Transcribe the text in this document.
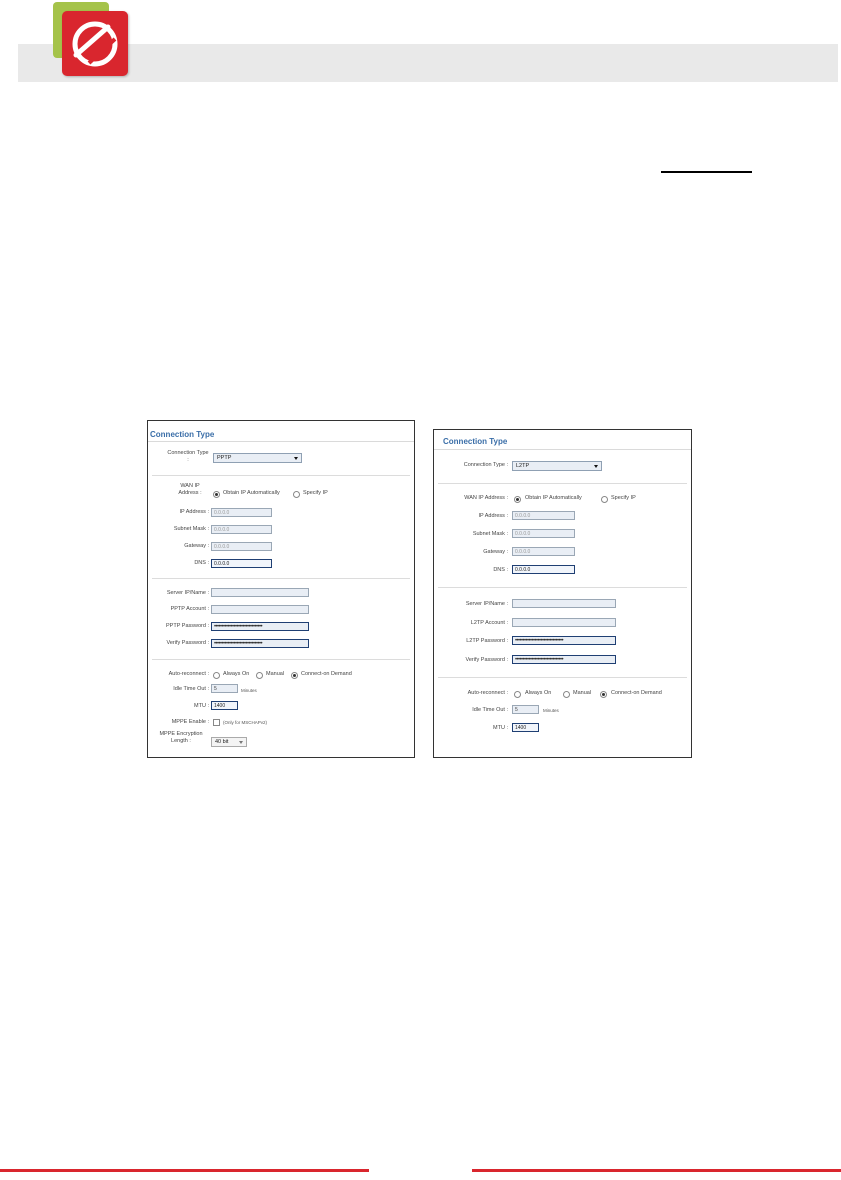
Connection Type
Connection Type :	PPTP
WAN IP Address :	Obtain IP Automatically	Specify IP
IP Address :	0.0.0.0
Subnet Mask :	0.0.0.0
Gateway :	0.0.0.0
DNS :	0.0.0.0
Server IP/Name :
PPTP Account :
PPTP Password : ••••••••••••••••••••••••••••••••
Verify Password : ••••••••••••••••••••••••••••••••
Auto-reconnect :	Always On	Manual	Connect-on Demand
Idle Time Out :	5	Minutes
MTU :	1400
MPPE Enable :	(Only for MSCHAPv2)
MPPE Encryption Length :	40 bit
Connection Type
Connection Type :	L2TP
WAN IP Address :	Obtain IP Automatically	Specify IP
IP Address :	0.0.0.0
Subnet Mask :	0.0.0.0
Gateway :	0.0.0.0
DNS :	0.0.0.0
Server IP/Name :
L2TP Account :
L2TP Password :	••••••••••••••••••••••••••••••••
Verify Password :	••••••••••••••••••••••••••••••••
Auto-reconnect :	Always On	Manual	Connect-on Demand
Idle Time Out :	5	Minutes
MTU :	1400
